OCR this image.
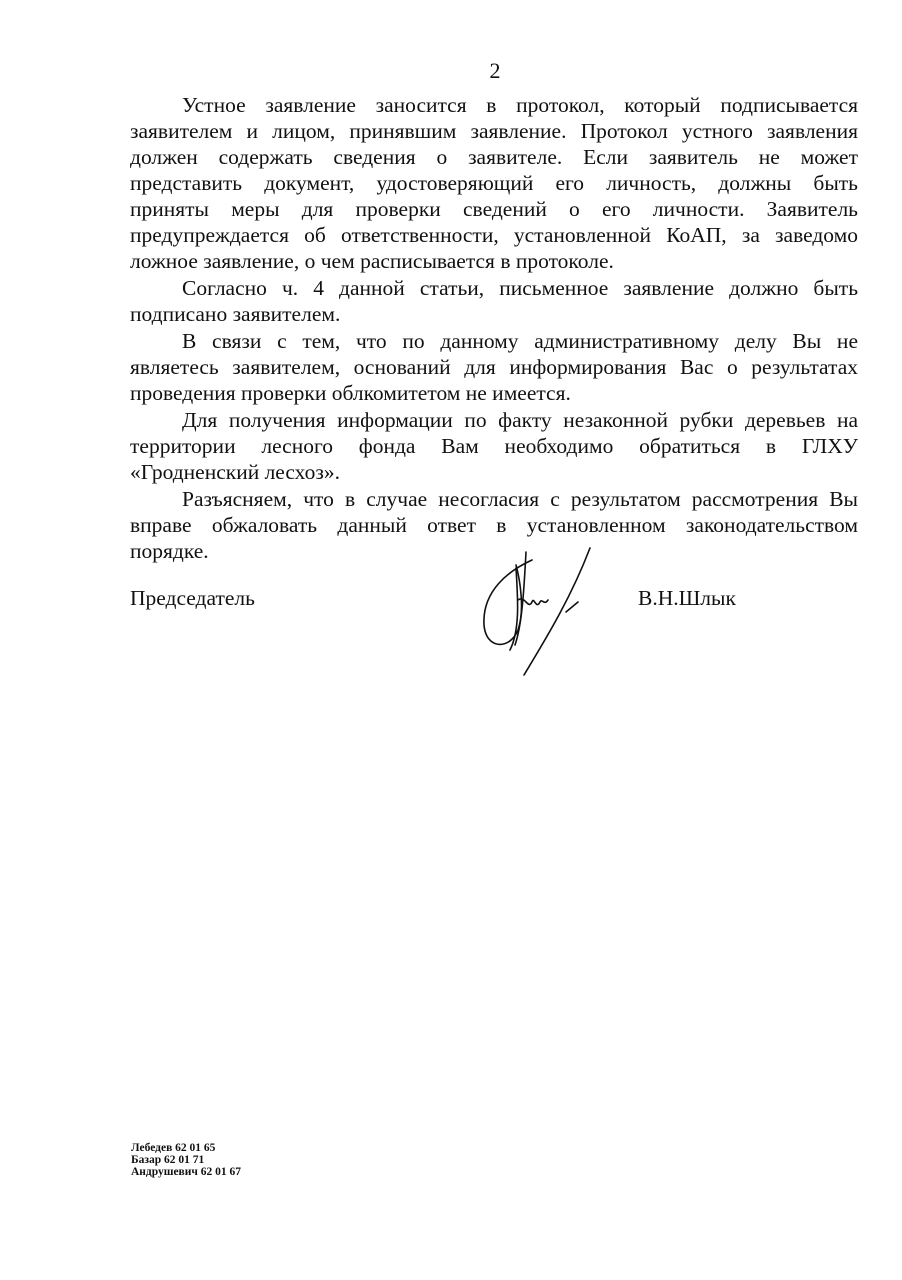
2
Устное заявление заносится в протокол, который подписывается
заявителем и лицом, принявшим заявление. Протокол устного заявления
должен содержать сведения о заявителе. Если заявитель не может
представить документ, удостоверяющий его личность, должны быть
приняты меры для проверки сведений о его личности. Заявитель
предупреждается об ответственности, установленной КоАП, за заведомо
ложное заявление, о чем расписывается в протоколе.
Согласно ч. 4 данной статьи, письменное заявление должно быть
подписано заявителем.
В связи с тем, что по данному административному делу Вы не
являетесь заявителем, оснований для информирования Вас о результатах
проведения проверки облкомитетом не имеется.
Для получения информации по факту незаконной рубки деревьев на
территории лесного фонда Вам необходимо обратиться в ГЛХУ
«Гродненский лесхоз».
Разъясняем, что в случае несогласия с результатом рассмотрения Вы
вправе обжаловать данный ответ в установленном законодательством
порядке.
Председатель	В.Н.Шлык
Лебедев 62 01 65
Базар 62 01 71
Андрушевич 62 01 67
